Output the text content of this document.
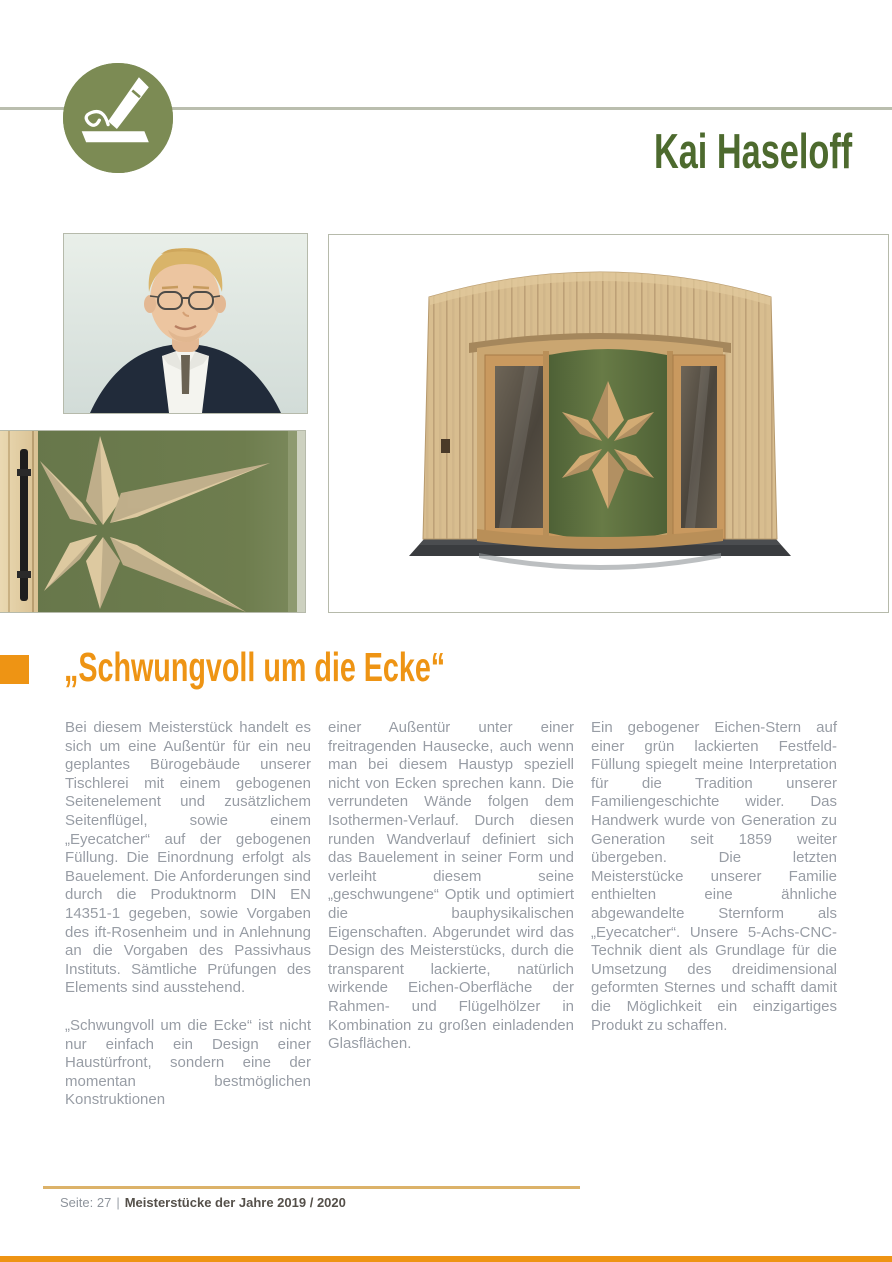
Kai Haseloff
„Schwungvoll um die Ecke“

Bei diesem Meisterstück handelt es sich um eine Außentür für ein neu geplantes Bürogebäude unserer Tischlerei mit einem gebogenen Seitenelement und zusätzlichem Seitenflügel, sowie einem „Eyecatcher“ auf der gebogenen Füllung. Die Einordnung erfolgt als Bauelement. Die Anforderungen sind durch die Produktnorm DIN EN 14351-1 gegeben, sowie Vorgaben des ift-Rosenheim und in Anlehnung an die Vorgaben des Passivhaus Instituts. Sämtliche Prüfungen des Elements sind ausstehend.

„Schwungvoll um die Ecke“ ist nicht nur einfach ein Design einer Haustürfront, sondern eine der momentan bestmöglichen Konstruktionen

einer Außentür unter einer freitragenden Hausecke, auch wenn man bei diesem Haustyp speziell nicht von Ecken sprechen kann. Die verrundeten Wände folgen dem Isothermen-Verlauf. Durch diesen runden Wandverlauf definiert sich das Bauelement in seiner Form und verleiht diesem seine „geschwungene“ Optik und optimiert die bauphysikalischen Eigenschaften. Abgerundet wird das Design des Meisterstücks, durch die transparent lackierte, natürlich wirkende Eichen-Oberfläche der Rahmen- und Flügelhölzer in Kombination zu großen einladenden Glasflächen.

Ein gebogener Eichen-Stern auf einer grün lackierten Festfeld-Füllung spiegelt meine Interpretation für die Tradition unserer Familiengeschichte wider. Das Handwerk wurde von Generation zu Generation seit 1859 weiter übergeben. Die letzten Meisterstücke unserer Familie enthielten eine ähnliche abgewandelte Sternform als „Eyecatcher“. Unsere 5-Achs-CNC-Technik dient als Grundlage für die Umsetzung des dreidimensional geformten Sternes und schafft damit die Möglichkeit ein einzigartiges Produkt zu schaffen.

Seite: 27 | Meisterstücke der Jahre 2019 / 2020
